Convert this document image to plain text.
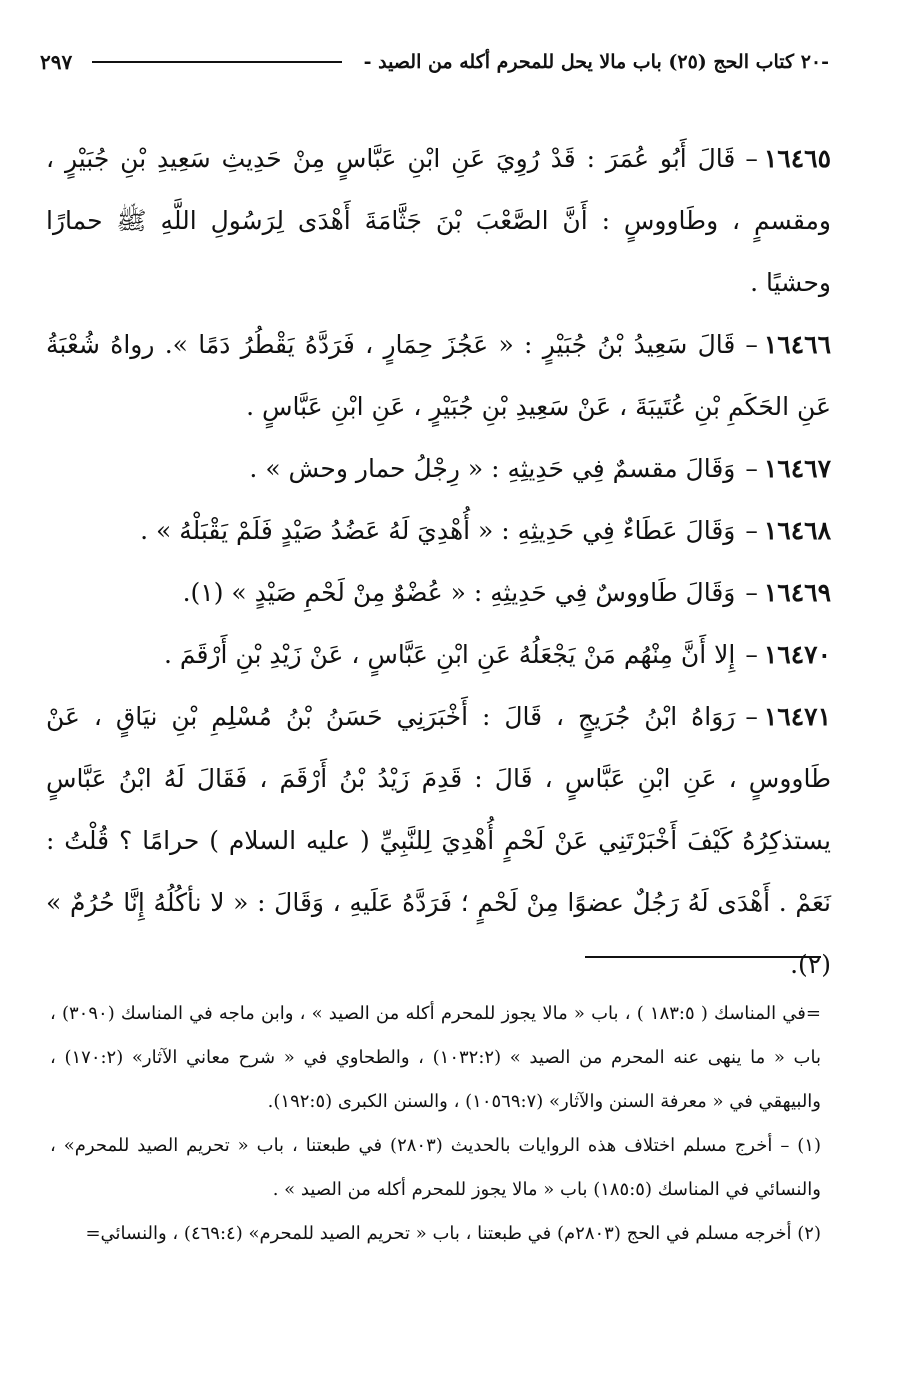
-٢٠ كتاب الحج (٢٥) باب مالا يحل للمحرم أكله من الصيد -
٢٩٧

١٦٤٦٥–قَالَ أَبُو عُمَرَ : قَدْ رُوِيَ عَنِ ابْنِ عَبَّاسٍ مِنْ حَدِيثِ سَعِيدِ بْنِ جُبَيْرٍ ، ومقسمٍ ، وطَاووسٍ : أَنَّ الصَّعْبَ بْنَ جَثَّامَةَ أَهْدَى لِرَسُولِ اللَّهِ ﷺ حمارًا وحشيًا .

١٦٤٦٦–قَالَ سَعِيدُ بْنُ جُبَيْرٍ : « عَجُزَ حِمَارٍ ، فَرَدَّهُ يَقْطُرُ دَمًا ». رواهُ شُعْبَةُ عَنِ الحَكَمِ بْنِ عُتَيبَةَ ، عَنْ سَعِيدِ بْنِ جُبَيْرٍ ، عَنِ ابْنِ عَبَّاسٍ .

١٦٤٦٧–وَقَالَ مقسمٌ فِي حَدِيثِهِ : « رِجْلُ حمار وحش » .

١٦٤٦٨–وَقَالَ عَطَاءٌ فِي حَدِيثِهِ : « أُهْدِيَ لَهُ عَضُدُ صَيْدٍ فَلَمْ يَقْبَلْهُ » .

١٦٤٦٩–وَقَالَ طَاووسٌ فِي حَدِيثِهِ : « عُضْوٌ مِنْ لَحْمِ صَيْدٍ » (١).

١٦٤٧٠–إِلا أَنَّ مِنْهُم مَنْ يَجْعَلُهُ عَنِ ابْنِ عَبَّاسٍ ، عَنْ زَيْدِ بْنِ أَرْقَمَ .

١٦٤٧١–رَوَاهُ ابْنُ جُرَيجٍ ، قَالَ : أَخْبَرَنِي حَسَنُ بْنُ مُسْلِمِ بْنِ نيَاقٍ ، عَنْ طَاووسٍ ، عَنِ ابْنِ عَبَّاسٍ ، قَالَ : قَدِمَ زَيْدُ بْنُ أَرْقَمَ ، فَقَالَ لَهُ ابْنُ عَبَّاسٍ يستذكِرُهُ كَيْفَ أَخْبَرْتَنِي عَنْ لَحْمٍ أُهْدِيَ لِلنَّبِيِّ ( عليه السلام ) حرامًا ؟ قُلْتُ : نَعَمْ . أَهْدَى لَهُ رَجُلٌ عضوًا مِنْ لَحْمٍ ؛ فَرَدَّهُ عَلَيهِ ، وَقَالَ : « لا نأكُلُهُ إِنَّا حُرُمٌ » (٢).

=في المناسك ( ١٨٣:٥ ) ، باب « مالا يجوز للمحرم أكله من الصيد » ، وابن ماجه في المناسك (٣٠٩٠) ، باب « ما ينهى عنه المحرم من الصيد » (١٠٣٢:٢) ، والطحاوي في « شرح معاني الآثار» (١٧٠:٢) ، والبيهقي في « معرفة السنن والآثار» (١٠٥٦٩:٧) ، والسنن الكبرى (١٩٢:٥).

(١) – أخرج مسلم اختلاف هذه الروايات بالحديث (٢٨٠٣) في طبعتنا ، باب « تحريم الصيد للمحرم» ، والنسائي في المناسك (١٨٥:٥) باب « مالا يجوز للمحرم أكله من الصيد » .

(٢) أخرجه مسلم في الحج (٢٨٠٣م) في طبعتنا ، باب « تحريم الصيد للمحرم» (٤٦٩:٤) ، والنسائي=
